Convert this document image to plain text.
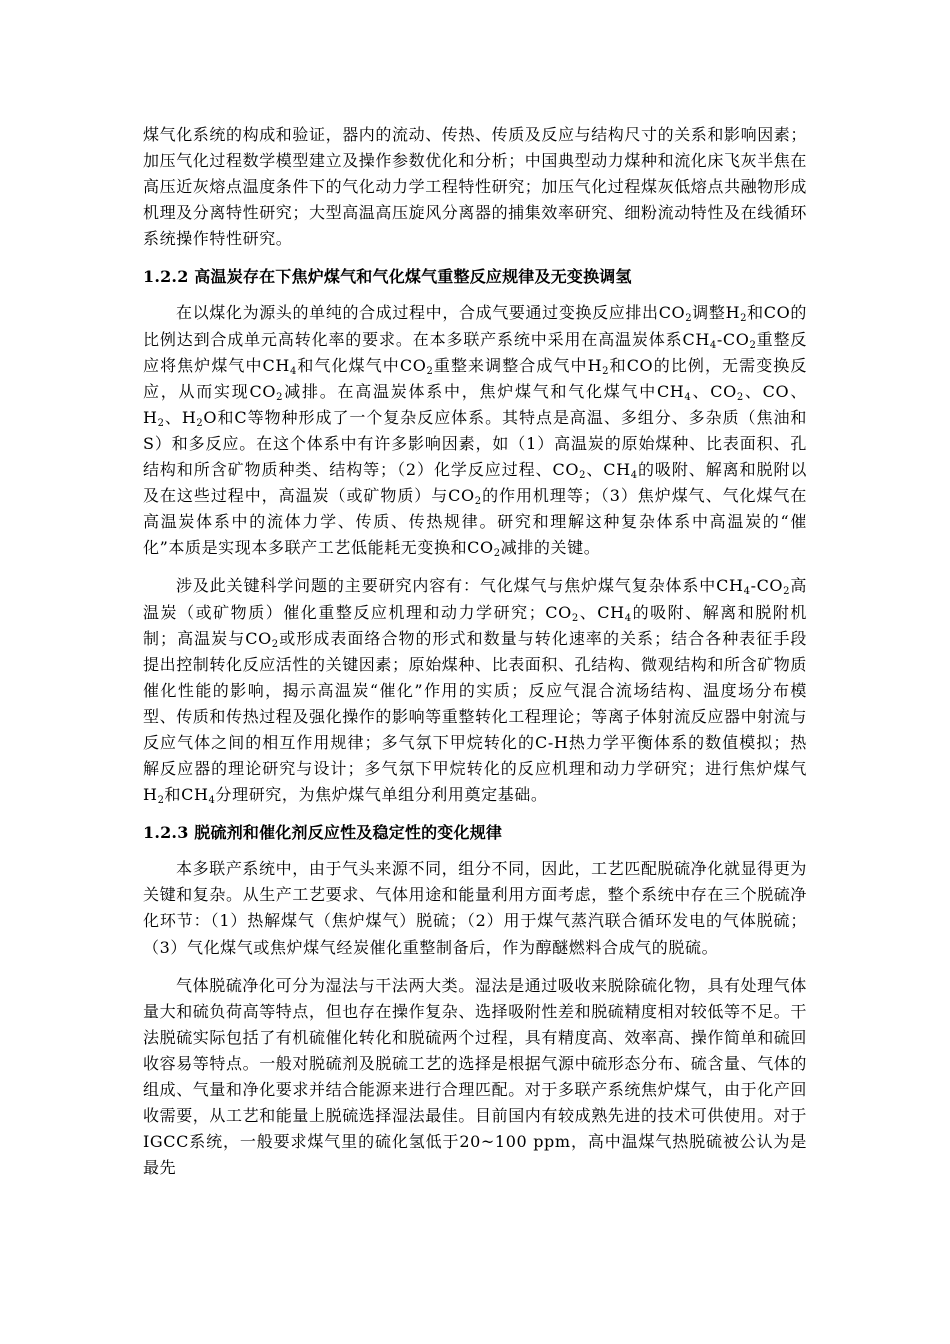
煤气化系统的构成和验证，器内的流动、传热、传质及反应与结构尺寸的关系和影响因素；加压气化过程数学模型建立及操作参数优化和分析；中国典型动力煤种和流化床飞灰半焦在高压近灰熔点温度条件下的气化动力学工程特性研究；加压气化过程煤灰低熔点共融物形成机理及分离特性研究；大型高温高压旋风分离器的捕集效率研究、细粉流动特性及在线循环系统操作特性研究。

1.2.2 高温炭存在下焦炉煤气和气化煤气重整反应规律及无变换调氢

在以煤化为源头的单纯的合成过程中，合成气要通过变换反应排出$CO_2$调整$H_2$和CO的比例达到合成单元高转化率的要求。在本多联产系统中采用在高温炭体系$CH_4-CO_2$重整反应将焦炉煤气中$CH_4$和气化煤气中$CO_2$重整来调整合成气中$H_2$和CO的比例，无需变换反应，从而实现$CO_2$减排。在高温炭体系中，焦炉煤气和气化煤气中$CH_4$、$CO_2$、CO、$H_2$、$H_2O$和C等物种形成了一个复杂反应体系。其特点是高温、多组分、多杂质（焦油和S）和多反应。在这个体系中有许多影响因素，如（1）高温炭的原始煤种、比表面积、孔结构和所含矿物质种类、结构等；（2）化学反应过程、$CO_2$、$CH_4$的吸附、解离和脱附以及在这些过程中，高温炭（或矿物质）与$CO_2$的作用机理等；（3）焦炉煤气、气化煤气在高温炭体系中的流体力学、传质、传热规律。研究和理解这种复杂体系中高温炭的“催化”本质是实现本多联产工艺低能耗无变换和$CO_2$减排的关键。

涉及此关键科学问题的主要研究内容有：气化煤气与焦炉煤气复杂体系中$CH_4-CO_2$高温炭（或矿物质）催化重整反应机理和动力学研究；$CO_2$、$CH_4$的吸附、解离和脱附机制；高温炭与$CO_2$或形成表面络合物的形式和数量与转化速率的关系；结合各种表征手段提出控制转化反应活性的关键因素；原始煤种、比表面积、孔结构、微观结构和所含矿物质催化性能的影响，揭示高温炭“催化”作用的实质；反应气混合流场结构、温度场分布模型、传质和传热过程及强化操作的影响等重整转化工程理论；等离子体射流反应器中射流与反应气体之间的相互作用规律；多气氛下甲烷转化的C-H热力学平衡体系的数值模拟；热解反应器的理论研究与设计；多气氛下甲烷转化的反应机理和动力学研究；进行焦炉煤气$H_2$和$CH_4$分理研究，为焦炉煤气单组分利用奠定基础。

1.2.3 脱硫剂和催化剂反应性及稳定性的变化规律

本多联产系统中，由于气头来源不同，组分不同，因此，工艺匹配脱硫净化就显得更为关键和复杂。从生产工艺要求、气体用途和能量利用方面考虑，整个系统中存在三个脱硫净化环节：（1）热解煤气（焦炉煤气）脱硫；（2）用于煤气蒸汽联合循环发电的气体脱硫；（3）气化煤气或焦炉煤气经炭催化重整制备后，作为醇醚燃料合成气的脱硫。

气体脱硫净化可分为湿法与干法两大类。湿法是通过吸收来脱除硫化物，具有处理气体量大和硫负荷高等特点，但也存在操作复杂、选择吸附性差和脱硫精度相对较低等不足。干法脱硫实际包括了有机硫催化转化和脱硫两个过程，具有精度高、效率高、操作简单和硫回收容易等特点。一般对脱硫剂及脱硫工艺的选择是根据气源中硫形态分布、硫含量、气体的组成、气量和净化要求并结合能源来进行合理匹配。对于多联产系统焦炉煤气，由于化产回收需要，从工艺和能量上脱硫选择湿法最佳。目前国内有较成熟先进的技术可供使用。对于IGCC系统，一般要求煤气里的硫化氢低于20~100 ppm，高中温煤气热脱硫被公认为是最先
